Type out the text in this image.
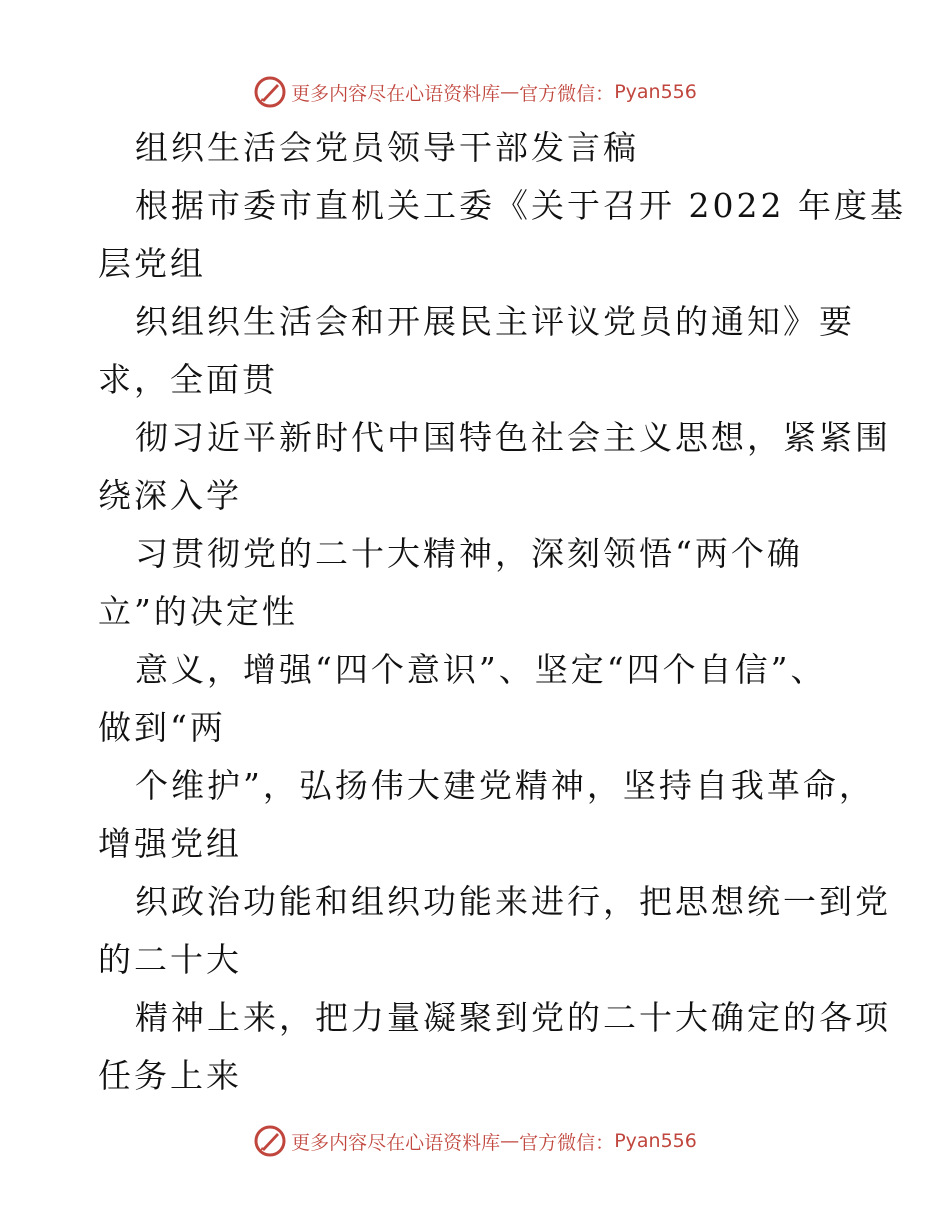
更多内容尽在心语资料库 — 官方微信： Pyan556
组织生活会党员领导干部发言稿
根据市委市直机关工委《关于召开 2022 年度基
层党组
织组织生活会和开展民主评议党员的通知》要
求，全面贯
彻习近平新时代中国特色社会主义思想，紧紧围
绕深入学
习贯彻党的二十大精神，深刻领悟“两个确
立”的决定性
意义，增强“四个意识”、坚定“四个自信”、
做到“两
个维护”，弘扬伟大建党精神，坚持自我革命，
增强党组
织政治功能和组织功能来进行，把思想统一到党
的二十大
精神上来，把力量凝聚到党的二十大确定的各项
任务上来
更多内容尽在心语资料库 — 官方微信： Pyan556
